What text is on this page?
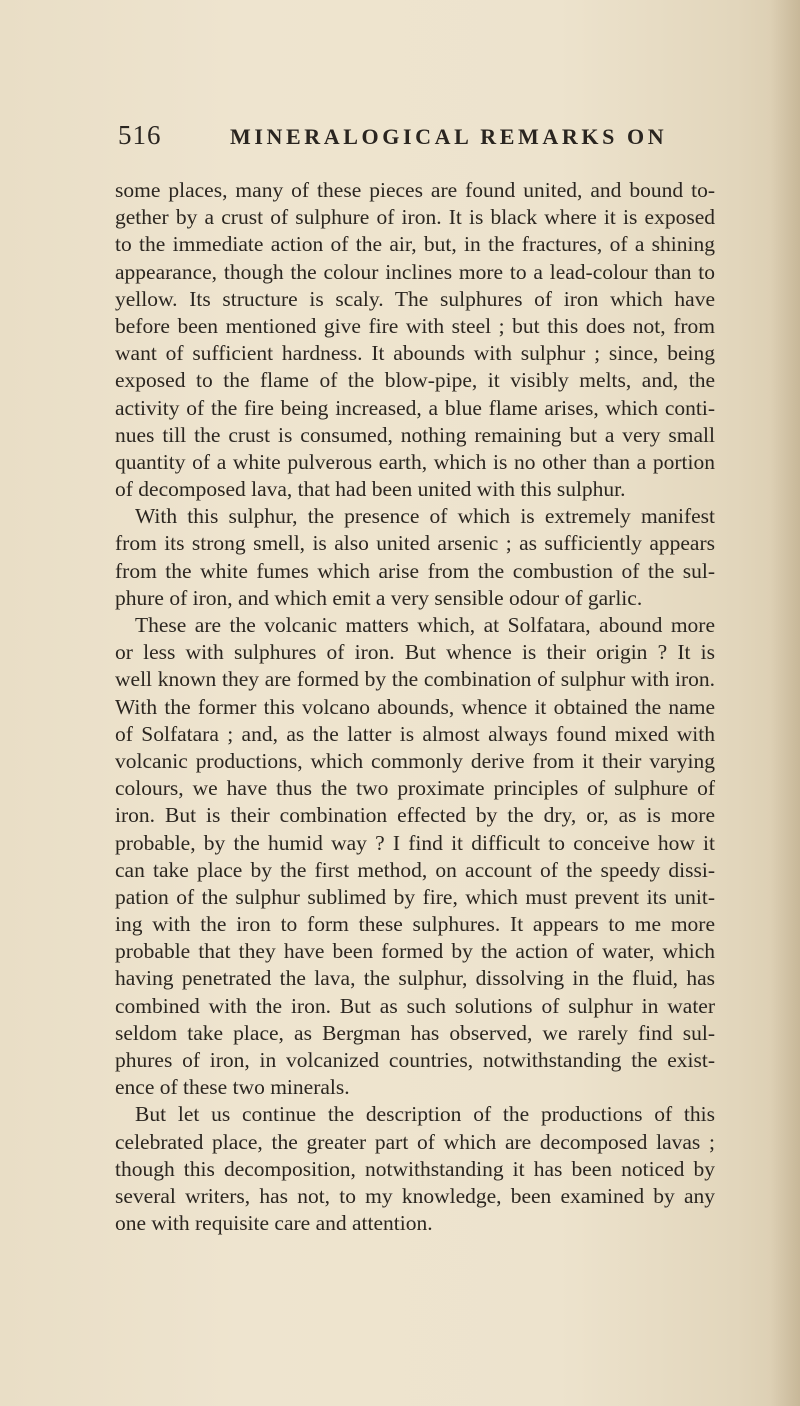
516	MINERALOGICAL REMARKS ON
some places, many of these pieces are found united, and bound to-
gether by a crust of sulphure of iron. It is black where it is exposed
to the immediate action of the air, but, in the fractures, of a shining
appearance, though the colour inclines more to a lead-colour than to
yellow. Its structure is scaly. The sulphures of iron which have
before been mentioned give fire with steel ; but this does not, from
want of sufficient hardness. It abounds with sulphur ; since, being
exposed to the flame of the blow-pipe, it visibly melts, and, the
activity of the fire being increased, a blue flame arises, which conti-
nues till the crust is consumed, nothing remaining but a very small
quantity of a white pulverous earth, which is no other than a portion
of decomposed lava, that had been united with this sulphur.
With this sulphur, the presence of which is extremely manifest
from its strong smell, is also united arsenic ; as sufficiently appears
from the white fumes which arise from the combustion of the sul-
phure of iron, and which emit a very sensible odour of garlic.
These are the volcanic matters which, at Solfatara, abound more
or less with sulphures of iron. But whence is their origin ? It is
well known they are formed by the combination of sulphur with iron.
With the former this volcano abounds, whence it obtained the name
of Solfatara ; and, as the latter is almost always found mixed with
volcanic productions, which commonly derive from it their varying
colours, we have thus the two proximate principles of sulphure of
iron. But is their combination effected by the dry, or, as is more
probable, by the humid way ? I find it difficult to conceive how it
can take place by the first method, on account of the speedy dissi-
pation of the sulphur sublimed by fire, which must prevent its unit-
ing with the iron to form these sulphures. It appears to me more
probable that they have been formed by the action of water, which
having penetrated the lava, the sulphur, dissolving in the fluid, has
combined with the iron. But as such solutions of sulphur in water
seldom take place, as Bergman has observed, we rarely find sul-
phures of iron, in volcanized countries, notwithstanding the exist-
ence of these two minerals.
But let us continue the description of the productions of this
celebrated place, the greater part of which are decomposed lavas ;
though this decomposition, notwithstanding it has been noticed by
several writers, has not, to my knowledge, been examined by any
one with requisite care and attention.
